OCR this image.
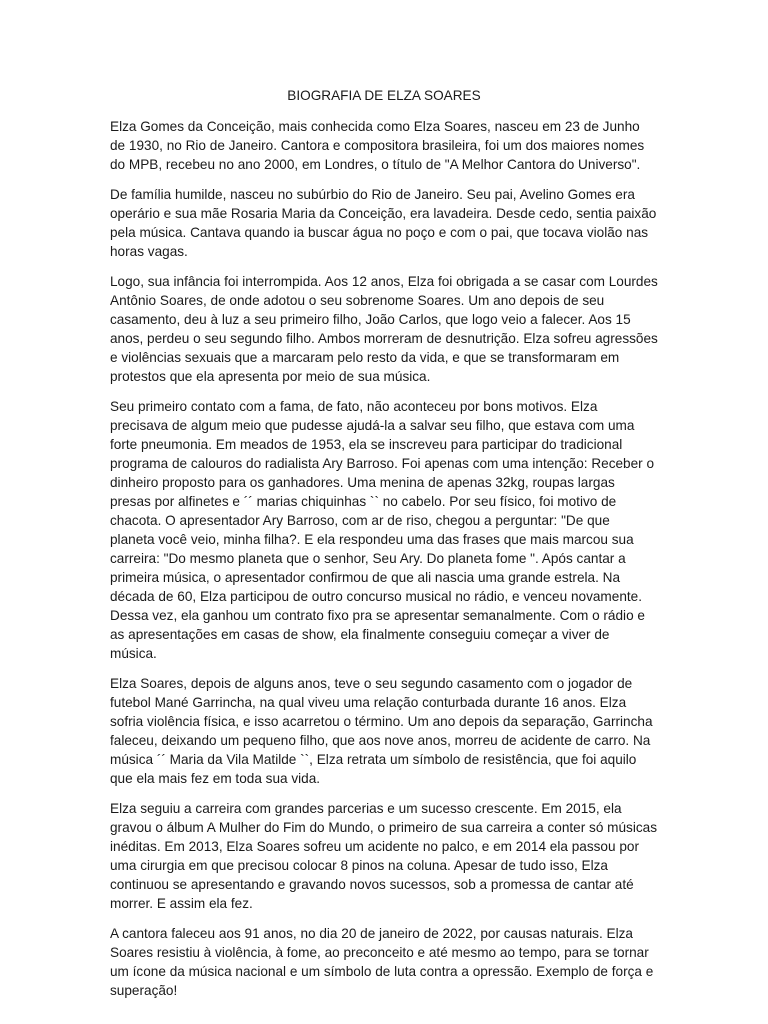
BIOGRAFIA DE ELZA SOARES

Elza Gomes da Conceição, mais conhecida como Elza Soares, nasceu em 23 de Junho de 1930, no Rio de Janeiro. Cantora e compositora brasileira, foi um dos maiores nomes do MPB, recebeu no ano 2000, em Londres, o título de "A Melhor Cantora do Universo".

De família humilde, nasceu no subúrbio do Rio de Janeiro. Seu pai, Avelino Gomes era operário e sua mãe Rosaria Maria da Conceição, era lavadeira. Desde cedo, sentia paixão pela música. Cantava quando ia buscar água no poço e com o pai, que tocava violão nas horas vagas.

Logo, sua infância foi interrompida. Aos 12 anos, Elza foi obrigada a se casar com Lourdes Antônio Soares, de onde adotou o seu sobrenome Soares. Um ano depois de seu casamento, deu à luz a seu primeiro filho, João Carlos, que logo veio a falecer. Aos 15 anos, perdeu o seu segundo filho. Ambos morreram de desnutrição. Elza sofreu agressões e violências sexuais que a marcaram pelo resto da vida, e que se transformaram em protestos que ela apresenta por meio de sua música.

Seu primeiro contato com a fama, de fato, não aconteceu por bons motivos. Elza precisava de algum meio que pudesse ajudá-la a salvar seu filho, que estava com uma forte pneumonia. Em meados de 1953, ela se inscreveu para participar do tradicional programa de calouros do radialista Ary Barroso. Foi apenas com uma intenção: Receber o dinheiro proposto para os ganhadores. Uma menina de apenas 32kg, roupas largas presas por alfinetes e ´´ marias chiquinhas `` no cabelo. Por seu físico, foi motivo de chacota. O apresentador Ary Barroso, com ar de riso, chegou a perguntar: "De que planeta você veio, minha filha?. E ela respondeu uma das frases que mais marcou sua carreira: "Do mesmo planeta que o senhor, Seu Ary. Do planeta fome ". Após cantar a primeira música, o apresentador confirmou de que ali nascia uma grande estrela. Na década de 60, Elza participou de outro concurso musical no rádio, e venceu novamente. Dessa vez, ela ganhou um contrato fixo pra se apresentar semanalmente. Com o rádio e as apresentações em casas de show, ela finalmente conseguiu começar a viver de música.

Elza Soares, depois de alguns anos, teve o seu segundo casamento com o jogador de futebol Mané Garrincha, na qual viveu uma relação conturbada durante 16 anos. Elza sofria violência física, e isso acarretou o término. Um ano depois da separação, Garrincha faleceu, deixando um pequeno filho, que aos nove anos, morreu de acidente de carro. Na música ´´ Maria da Vila Matilde ``, Elza retrata um símbolo de resistência, que foi aquilo que ela mais fez em toda sua vida.

Elza seguiu a carreira com grandes parcerias e um sucesso crescente. Em 2015, ela gravou o álbum A Mulher do Fim do Mundo, o primeiro de sua carreira a conter só músicas inéditas. Em 2013, Elza Soares sofreu um acidente no palco, e em 2014 ela passou por uma cirurgia em que precisou colocar 8 pinos na coluna. Apesar de tudo isso, Elza continuou se apresentando e gravando novos sucessos, sob a promessa de cantar até morrer. E assim ela fez.

A cantora faleceu aos 91 anos, no dia 20 de janeiro de 2022, por causas naturais. Elza Soares resistiu à violência, à fome, ao preconceito e até mesmo ao tempo, para se tornar um ícone da música nacional e um símbolo de luta contra a opressão. Exemplo de força e superação!
